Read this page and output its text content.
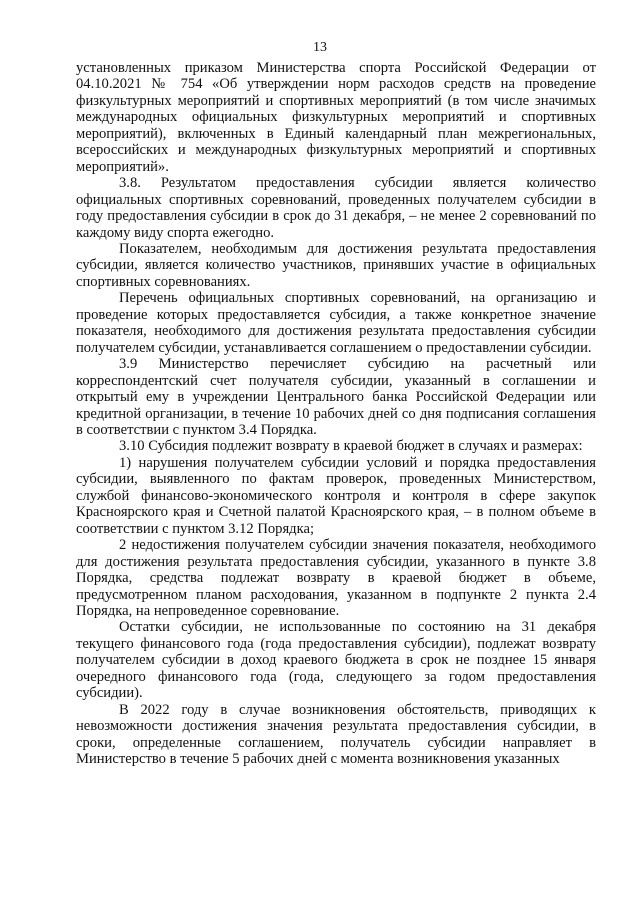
13

установленных приказом Министерства спорта Российской Федерации от 04.10.2021 № 754 «Об утверждении норм расходов средств на проведение физкультурных мероприятий и спортивных мероприятий (в том числе значимых международных официальных физкультурных мероприятий и спортивных мероприятий), включенных в Единый календарный план межрегиональных, всероссийских и международных физкультурных мероприятий и спортивных мероприятий».

3.8. Результатом предоставления субсидии является количество официальных спортивных соревнований, проведенных получателем субсидии в году предоставления субсидии в срок до 31 декабря, – не менее 2 соревнований по каждому виду спорта ежегодно.

Показателем, необходимым для достижения результата предоставления субсидии, является количество участников, принявших участие в официальных спортивных соревнованиях.

Перечень официальных спортивных соревнований, на организацию и проведение которых предоставляется субсидия, а также конкретное значение показателя, необходимого для достижения результата предоставления субсидии получателем субсидии, устанавливается соглашением о предоставлении субсидии.

3.9 Министерство перечисляет субсидию на расчетный или корреспондентский счет получателя субсидии, указанный в соглашении и открытый ему в учреждении Центрального банка Российской Федерации или кредитной организации, в течение 10 рабочих дней со дня подписания соглашения в соответствии с пунктом 3.4 Порядка.

3.10 Субсидия подлежит возврату в краевой бюджет в случаях и размерах:

1) нарушения получателем субсидии условий и порядка предоставления субсидии, выявленного по фактам проверок, проведенных Министерством, службой финансово-экономического контроля и контроля в сфере закупок Красноярского края и Счетной палатой Красноярского края, – в полном объеме в соответствии с пунктом 3.12 Порядка;

2 недостижения получателем субсидии значения показателя, необходимого для достижения результата предоставления субсидии, указанного в пункте 3.8 Порядка, средства подлежат возврату в краевой бюджет в объеме, предусмотренном планом расходования, указанном в подпункте 2 пункта 2.4 Порядка, на непроведенное соревнование.

Остатки субсидии, не использованные по состоянию на 31 декабря текущего финансового года (года предоставления субсидии), подлежат возврату получателем субсидии в доход краевого бюджета в срок не позднее 15 января очередного финансового года (года, следующего за годом предоставления субсидии).

В 2022 году в случае возникновения обстоятельств, приводящих к невозможности достижения значения результата предоставления субсидии, в сроки, определенные соглашением, получатель субсидии направляет в Министерство в течение 5 рабочих дней с момента возникновения указанных
